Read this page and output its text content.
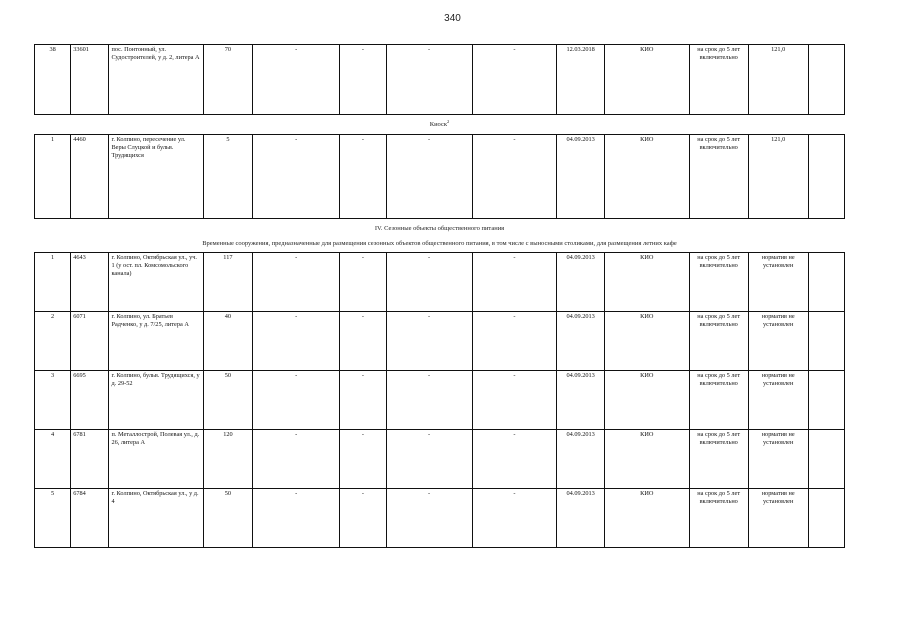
340
38	33601	пос. Понтонный, ул. Судостроителей, у д. 2, литера А	70	-	-	-	-	12.03.2018	КИО	на срок до 5 лет включительно	121,0	
Киоск$^2$
1	4460	г. Колпино, пересечение ул. Веры Слуцкой и бульв. Трудящихся	5	-	-	-	-	04.09.2013	КИО	на срок до 5 лет включительно	121,0	
IV. Сезонные объекты общественного питания
Временные сооружения, предназначенные для размещения сезонных объектов общественного питания, в том числе с выносными столиками, для размещения летних кафе
1	4643	г. Колпино, Октябрьская ул., уч. 1 (у ост. пл. Комсомольского канала)	117	-	-	-	-	04.09.2013	КИО	на срок до 5 лет включительно	норматив не установлен	
2	6071	г. Колпино, ул. Братьев Радченко, у д. 7/25, литера А	40	-	-	-	-	04.09.2013	КИО	на срок до 5 лет включительно	норматив не установлен	
3	6695	г. Колпино, бульв. Трудящихся, у д. 29-52	50	-	-	-	-	04.09.2013	КИО	на срок до 5 лет включительно	норматив не установлен	
4	6781	п. Металлострой, Полевая ул., д. 26, литера А	120	-	-	-	-	04.09.2013	КИО	на срок до 5 лет включительно	норматив не установлен	
5	6784	г. Колпино, Октябрьская ул., у д. 4	50	-	-	-	-	04.09.2013	КИО	на срок до 5 лет включительно	норматив не установлен	
